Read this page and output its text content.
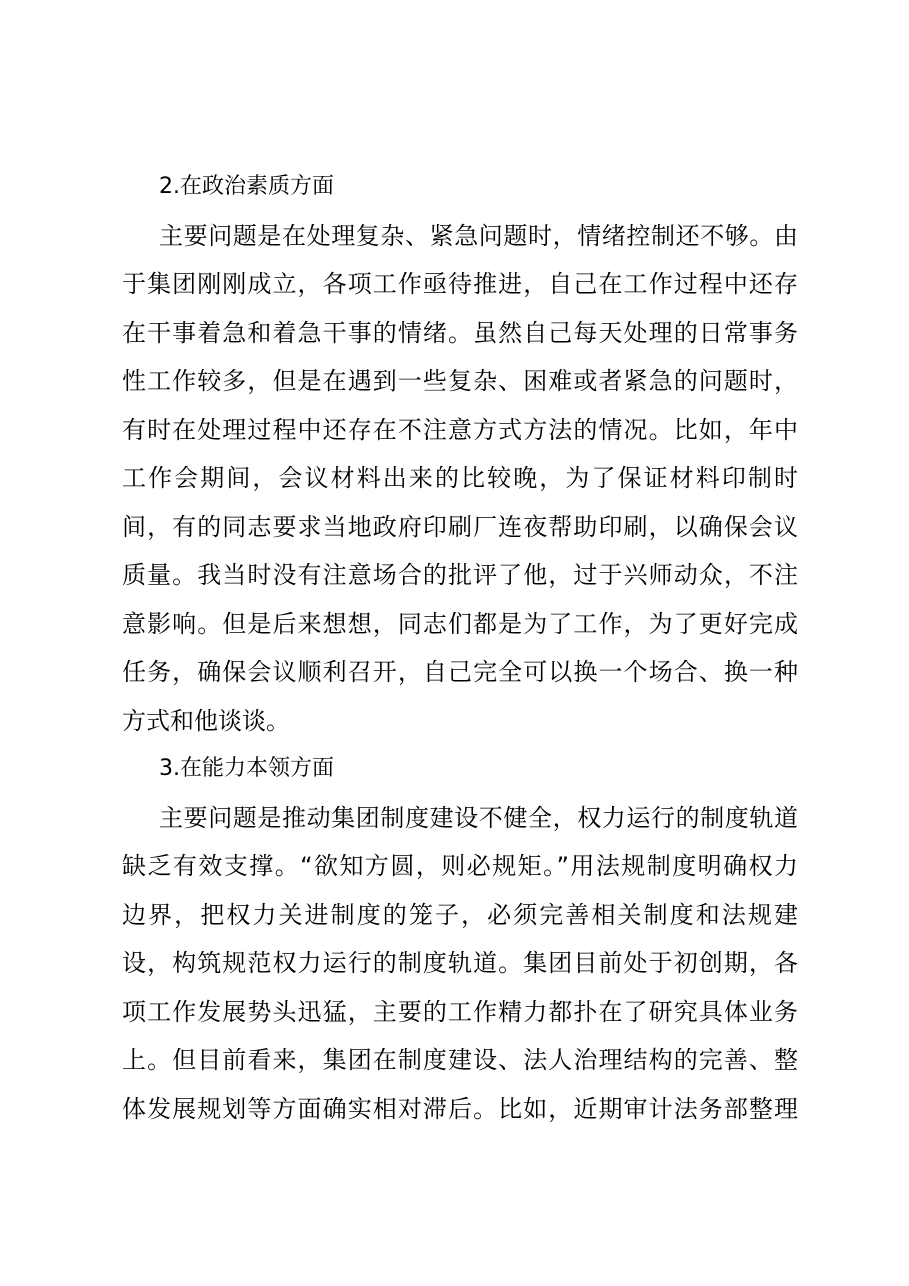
2.在政治素质方面
主要问题是在处理复杂、紧急问题时，情绪控制还不够。由
于集团刚刚成立，各项工作亟待推进，自己在工作过程中还存
在干事着急和着急干事的情绪。虽然自己每天处理的日常事务
性工作较多，但是在遇到一些复杂、困难或者紧急的问题时，
有时在处理过程中还存在不注意方式方法的情况。比如，年中
工作会期间，会议材料出来的比较晚，为了保证材料印制时
间，有的同志要求当地政府印刷厂连夜帮助印刷，以确保会议
质量。我当时没有注意场合的批评了他，过于兴师动众，不注
意影响。但是后来想想，同志们都是为了工作，为了更好完成
任务，确保会议顺利召开，自己完全可以换一个场合、换一种
方式和他谈谈。
3.在能力本领方面
主要问题是推动集团制度建设不健全，权力运行的制度轨道
缺乏有效支撑。“欲知方圆，则必规矩。”用法规制度明确权力
边界，把权力关进制度的笼子，必须完善相关制度和法规建
设，构筑规范权力运行的制度轨道。集团目前处于初创期，各
项工作发展势头迅猛，主要的工作精力都扑在了研究具体业务
上。但目前看来，集团在制度建设、法人治理结构的完善、整
体发展规划等方面确实相对滞后。比如，近期审计法务部整理
